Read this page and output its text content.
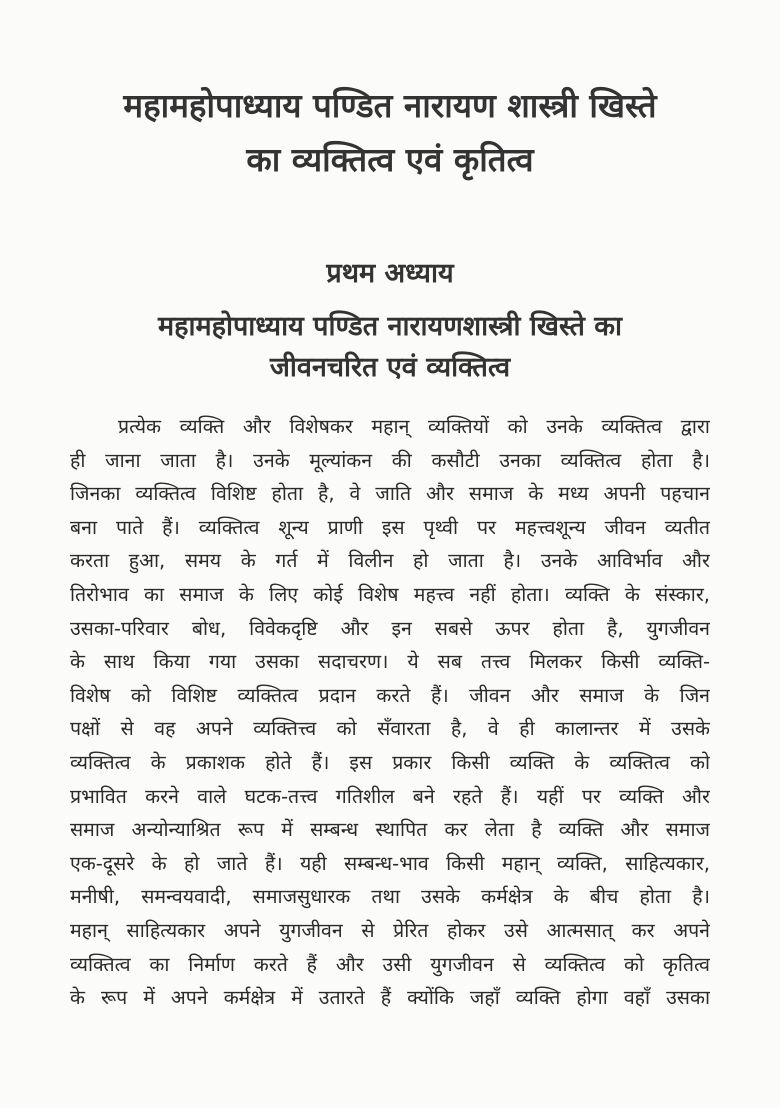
महामहोपाध्याय पण्डित नारायण शास्त्री खिस्ते
का व्यक्तित्व एवं कृतित्व
प्रथम अध्याय
महामहोपाध्याय पण्डित नारायणशास्त्री खिस्ते का
जीवनचरित एवं व्यक्तित्व
प्रत्येक व्यक्ति और विशेषकर महान् व्यक्तियों को उनके व्यक्तित्व द्वारा
ही जाना जाता है। उनके मूल्यांकन की कसौटी उनका व्यक्तित्व होता है।
जिनका व्यक्तित्व विशिष्ट होता है, वे जाति और समाज के मध्य अपनी पहचान
बना पाते हैं। व्यक्तित्व शून्य प्राणी इस पृथ्वी पर महत्त्वशून्य जीवन व्यतीत
करता हुआ, समय के गर्त में विलीन हो जाता है। उनके आविर्भाव और
तिरोभाव का समाज के लिए कोई विशेष महत्त्व नहीं होता। व्यक्ति के संस्कार,
उसका-परिवार बोध, विवेकदृष्टि और इन सबसे ऊपर होता है, युगजीवन
के साथ किया गया उसका सदाचरण। ये सब तत्त्व मिलकर किसी व्यक्ति-
विशेष को विशिष्ट व्यक्तित्व प्रदान करते हैं। जीवन और समाज के जिन
पक्षों से वह अपने व्यक्तित्त्व को सँवारता है, वे ही कालान्तर में उसके
व्यक्तित्व के प्रकाशक होते हैं। इस प्रकार किसी व्यक्ति के व्यक्तित्व को
प्रभावित करने वाले घटक-तत्त्व गतिशील बने रहते हैं। यहीं पर व्यक्ति और
समाज अन्योन्याश्रित रूप में सम्बन्ध स्थापित कर लेता है व्यक्ति और समाज
एक-दूसरे के हो जाते हैं। यही सम्बन्ध-भाव किसी महान् व्यक्ति, साहित्यकार,
मनीषी, समन्वयवादी, समाजसुधारक तथा उसके कर्मक्षेत्र के बीच होता है।
महान् साहित्यकार अपने युगजीवन से प्रेरित होकर उसे आत्मसात् कर अपने
व्यक्तित्व का निर्माण करते हैं और उसी युगजीवन से व्यक्तित्व को कृतित्व
के रूप में अपने कर्मक्षेत्र में उतारते हैं क्योंकि जहाँ व्यक्ति होगा वहाँ उसका
